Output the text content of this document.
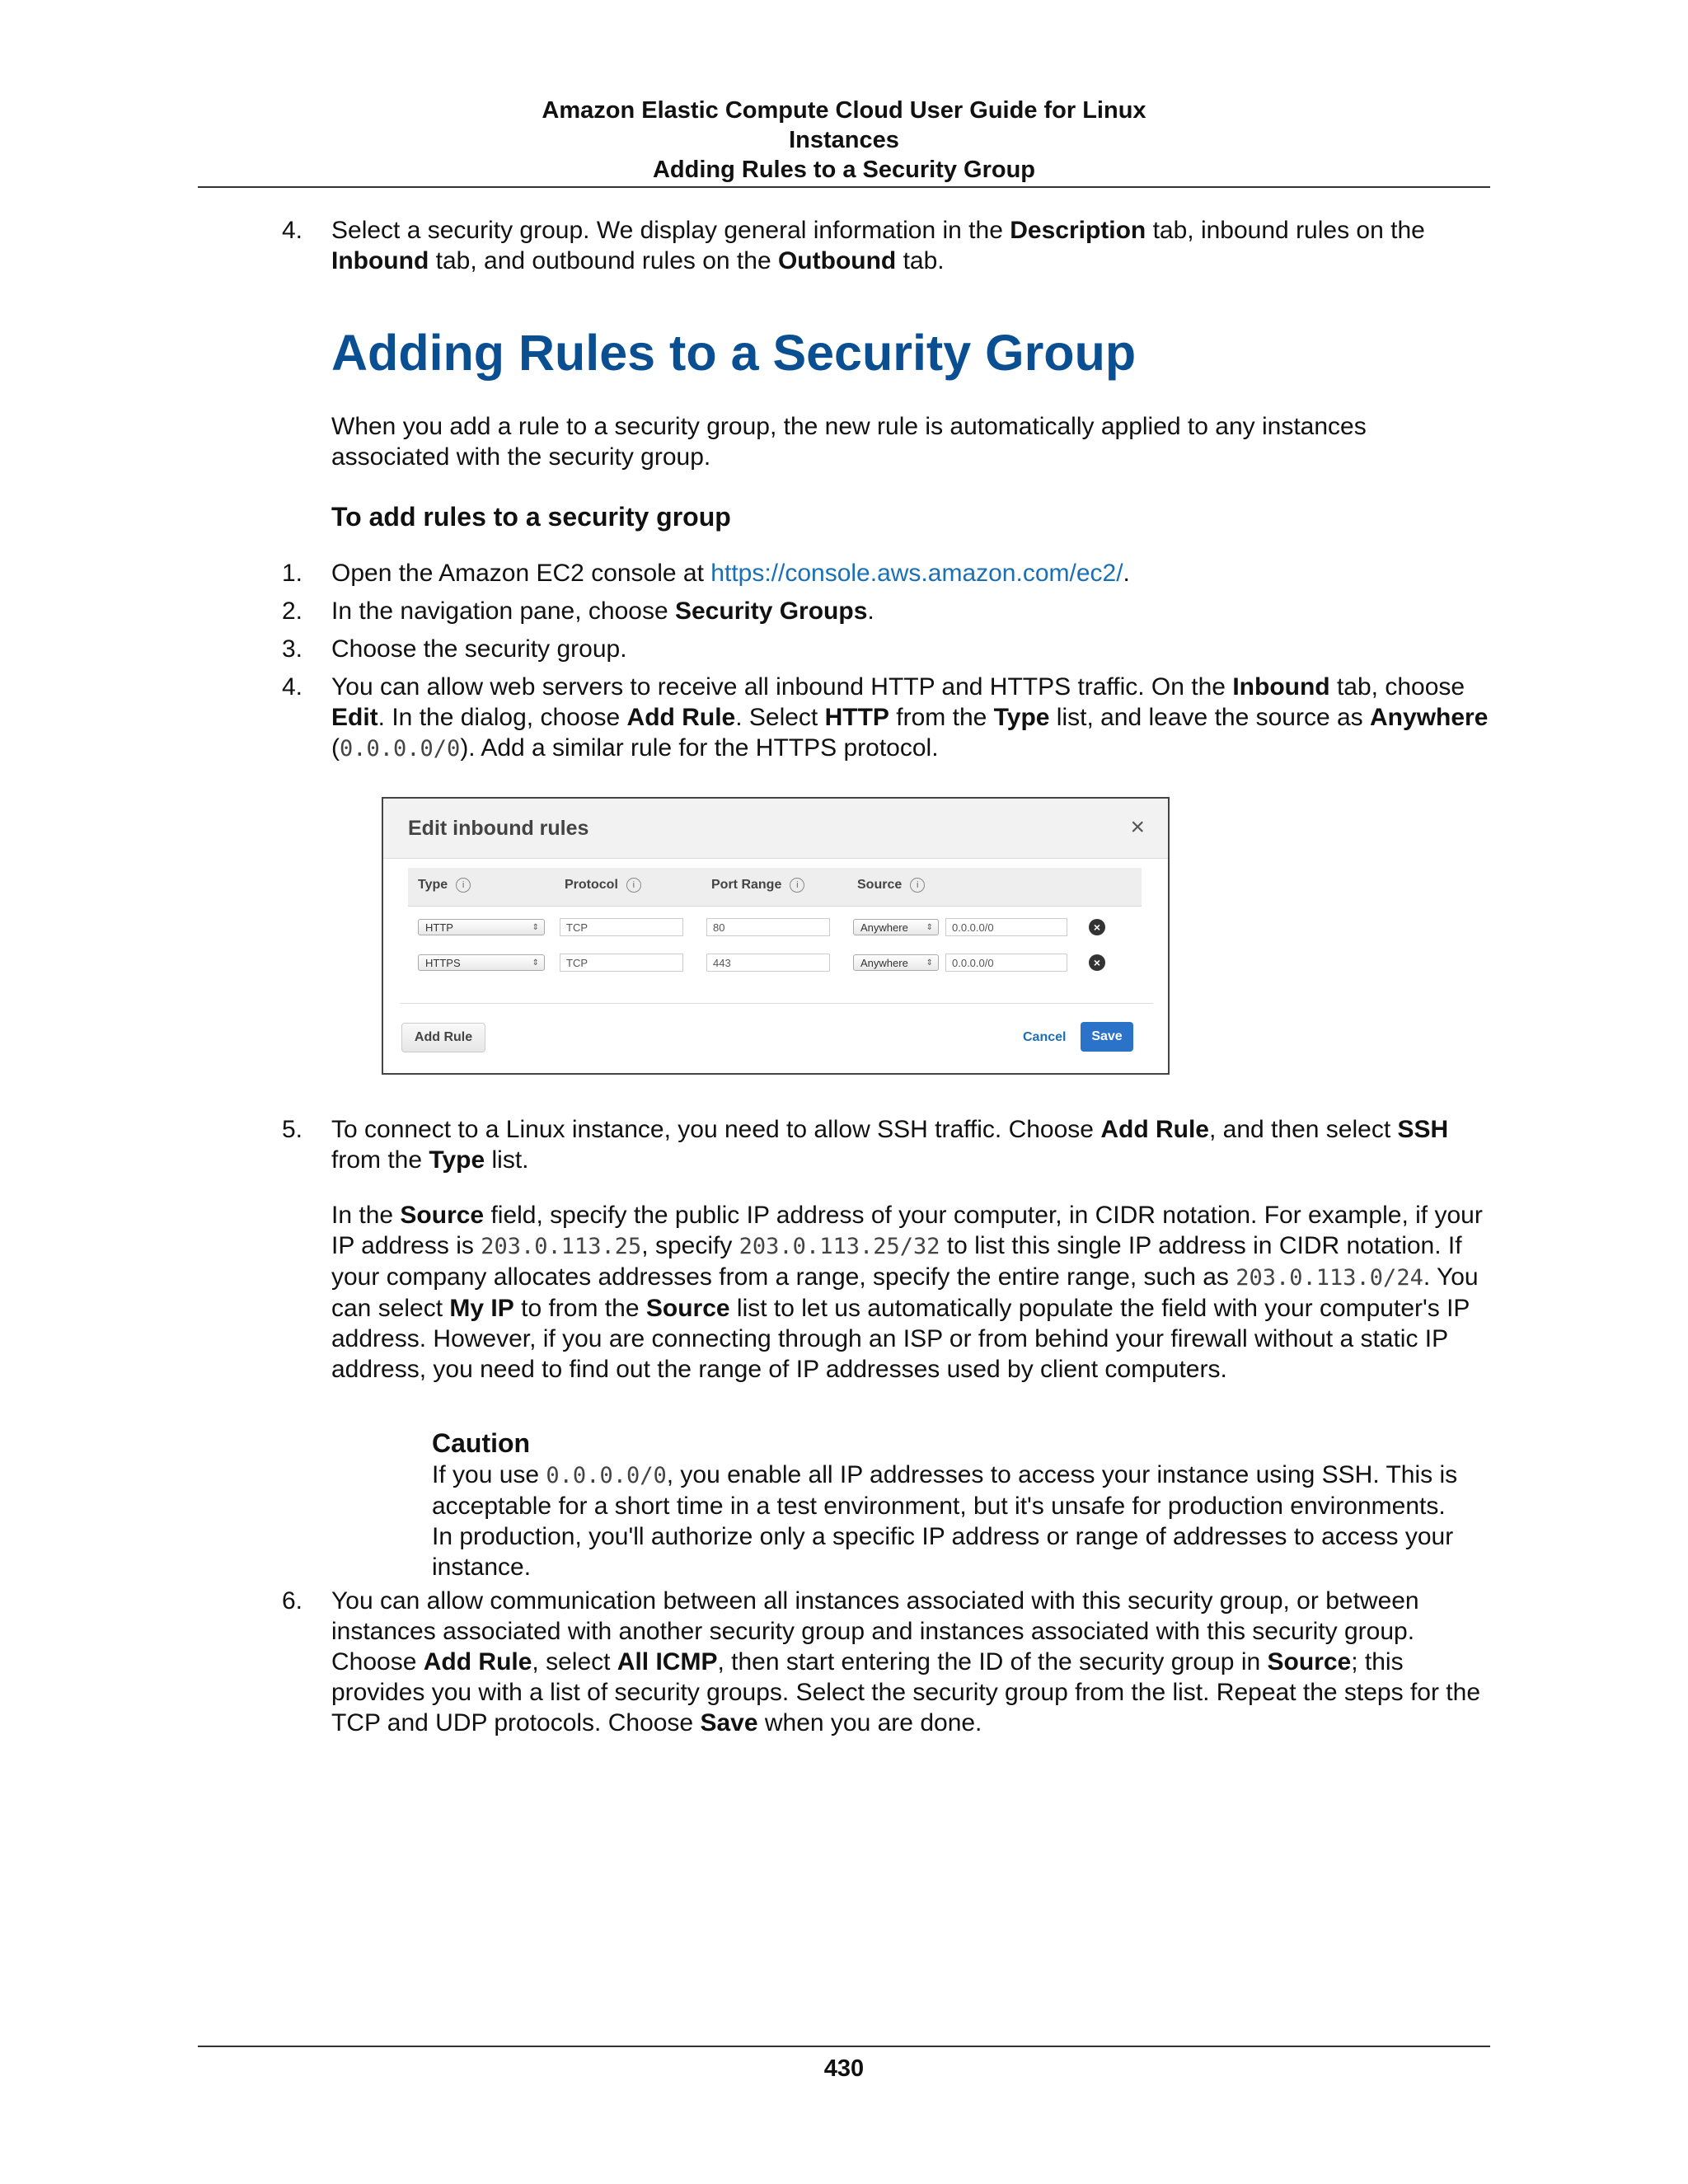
Amazon Elastic Compute Cloud User Guide for Linux
Instances
Adding Rules to a Security Group
4. Select a security group. We display general information in the Description tab, inbound rules on the Inbound tab, and outbound rules on the Outbound tab.
Adding Rules to a Security Group
When you add a rule to a security group, the new rule is automatically applied to any instances associated with the security group.
To add rules to a security group
1. Open the Amazon EC2 console at https://console.aws.amazon.com/ec2/.
2. In the navigation pane, choose Security Groups.
3. Choose the security group.
4. You can allow web servers to receive all inbound HTTP and HTTPS traffic. On the Inbound tab, choose Edit. In the dialog, choose Add Rule. Select HTTP from the Type list, and leave the source as Anywhere (0.0.0.0/0). Add a similar rule for the HTTPS protocol.
Edit inbound rules	×
Type i	Protocol i	Port Range i	Source i
HTTP	⇕	TCP	80	Anywhere ⇕	0.0.0.0/0	×
HTTPS	⇕	TCP	443	Anywhere ⇕	0.0.0.0/0	×
Add Rule	Cancel	Save
5. To connect to a Linux instance, you need to allow SSH traffic. Choose Add Rule, and then select SSH from the Type list.
In the Source field, specify the public IP address of your computer, in CIDR notation. For example, if your IP address is 203.0.113.25, specify 203.0.113.25/32 to list this single IP address in CIDR notation. If your company allocates addresses from a range, specify the entire range, such as 203.0.113.0/24. You can select My IP to from the Source list to let us automatically populate the field with your computer's IP address. However, if you are connecting through an ISP or from behind your firewall without a static IP address, you need to find out the range of IP addresses used by client computers.
Caution
If you use 0.0.0.0/0, you enable all IP addresses to access your instance using SSH. This is acceptable for a short time in a test environment, but it's unsafe for production environments. In production, you'll authorize only a specific IP address or range of addresses to access your instance.
6. You can allow communication between all instances associated with this security group, or between instances associated with another security group and instances associated with this security group. Choose Add Rule, select All ICMP, then start entering the ID of the security group in Source; this provides you with a list of security groups. Select the security group from the list. Repeat the steps for the TCP and UDP protocols. Choose Save when you are done.
430
